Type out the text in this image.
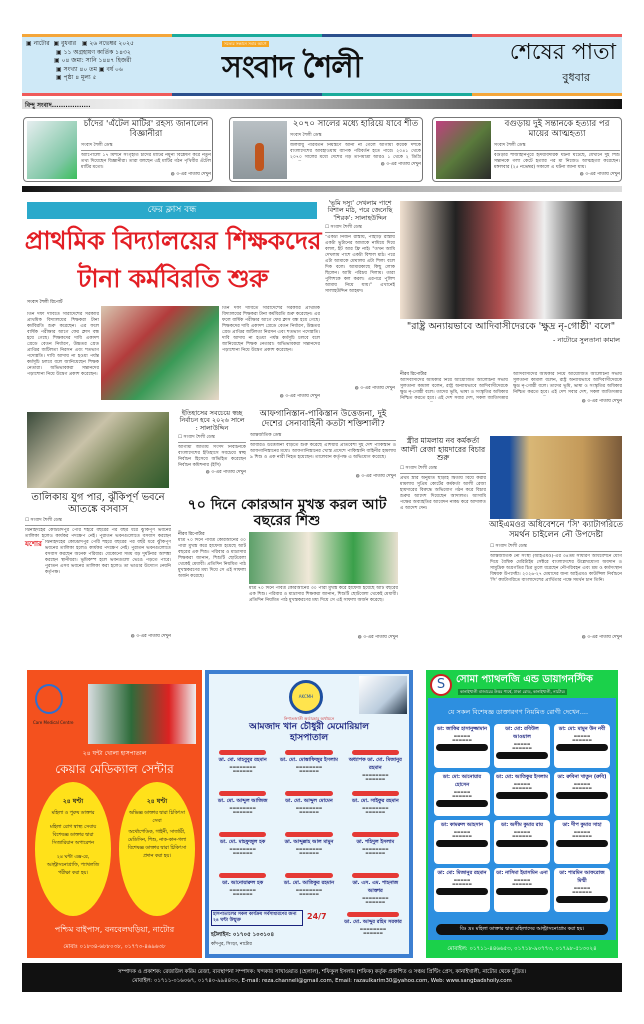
▣ নাটোর  ▣ বুধবার   ▣ ২৬ নভেম্বর ২০২৫
▣ ১১ অগ্রহায়ণ কার্তিক ১৪৩২
▣ ০৪ জমা: সানি ১৪৪৭ হিজরী
▣ সংখ্যা ৪০ তম ▣ বর্ষ ০৬
▣ পৃষ্ঠা ৪ মূল্য ৫
সত্যের সন্ধানে সবার আগে
সংবাদ শৈলী	শেষের পাতা
বুধবার
বিন্দু সংবাদ.................
চাঁদের 'এঁটেল মাটির' রহস্য জানালেন বিজ্ঞানীরা
সংবাদ শৈলী ডেস্ক
অ্যাপোলো ১৭ মিশনে সংগৃহীত চাঁদের মাটির নমুনা বিশ্লেষণ করে নতুন তথ্য দিয়েছেন বিজ্ঞানীরা। তারা বলছেন এই মাটির গঠন পৃথিবীর এঁটেল মাটির মতো।
◍ ৩-এর পাতায় দেখুন
২০৭০ সালের মধ্যে হারিয়ে যাবে শীত
সংবাদ শৈলী ডেস্ক
জলবায়ু পরিবর্তন নিয়ন্ত্রণে আনা না গেলে আগামী কয়েক দশকে বাংলাদেশের আবহাওয়ায় ব্যাপক পরিবর্তন হতে পারে। ২০৪১ থেকে ২০৭০ সালের মধ্যে দেশের গড় তাপমাত্রা আরও ১ থেকে ২ ডিগ্রি
◍ ৩-এর পাতায় দেখুন
বগুড়ায় দুই সন্তানকে হত্যার পর মায়ের আত্মহত্যা
সংবাদ শৈলী ডেস্ক
বগুড়ার শাজাহানপুরে হৃদয়বিদারক ঘটনা ঘটেছে, যেখানে দুই শিশু সন্তানকে গলা কেটে হত্যার পর মা নিজেও আত্মহত্যা করেছেন। মঙ্গলবার (২৫ নভেম্বর) সকালে এ ঘটনা জানা যায়।
◍ ৩-এর পাতায় দেখুন
ফের ক্লাস বন্ধ
প্রাথমিক বিদ্যালয়ের শিক্ষকদের টানা কর্মবিরতি শুরু
সংবাদ শৈলী রিপোর্ট
তিন দফা দাবিতে সারাদেশের সরকারি প্রাথমিক বিদ্যালয়ের শিক্ষকরা টানা কর্মবিরতি শুরু করেছেন। এর ফলে বার্ষিক পরীক্ষার আগে ফের ক্লাস বন্ধ হয়ে গেছে। শিক্ষকদের দাবি একাদশ গ্রেডে বেতন নির্ধারণ, উচ্চতর গ্রেড প্রাপ্তির জটিলতা নিরসন এবং শতভাগ পদোন্নতি। দাবি আদায় না হওয়া পর্যন্ত কর্মসূচি চলবে বলে জানিয়েছেন শিক্ষক নেতারা। অভিভাবকরা সন্তানদের পড়াশোনা নিয়ে উদ্বেগ প্রকাশ করেছেন।
তিন দফা দাবিতে সারাদেশের সরকারি প্রাথমিক বিদ্যালয়ের শিক্ষকরা টানা কর্মবিরতি শুরু করেছেন। এর ফলে বার্ষিক পরীক্ষার আগে ফের ক্লাস বন্ধ হয়ে গেছে। শিক্ষকদের দাবি একাদশ গ্রেডে বেতন নির্ধারণ, উচ্চতর গ্রেড প্রাপ্তির জটিলতা নিরসন এবং শতভাগ পদোন্নতি। দাবি আদায় না হওয়া পর্যন্ত কর্মসূচি চলবে বলে জানিয়েছেন শিক্ষক নেতারা। অভিভাবকরা সন্তানদের পড়াশোনা নিয়ে উদ্বেগ প্রকাশ করেছেন।
◍ ৩-এর পাতায় দেখুন
'ভূমি দস্যু' দেখলাম পাশে বিশাল মাঠ, পরে জেনেছি 'শিরক': সালাহউদ্দিন
☐ সংবাদ শৈলী ডেস্ক
"একটা নির্জন রাস্তায়, পাহাড়ি রাস্তায় একটা ভুটানের আমাকে নামিয়ে দিয়ে বলল, ইট আর ফ্রি নাই। "তখন আমি দেখলাম পাশে একটা বিশাল মাঠ। পরে এটা আমাকে মেঘালয় এটা শিলং বলে দিক বলে। আমারকাছে কিছু লোক ছিলেন। আমি পরিচয় দিলাম। তারা পুলিশকে কল করল। এরপরে পুলিশ আমায় নিয়ে যায়।" এখানেই সালাহউদ্দিন আহমদ।
◍ ৩-এর পাতায় দেখুন
"রাষ্ট্র অন্যায়ভাবে আদিবাসীদেরকে 'ক্ষুদ্র নৃ-গোষ্ঠী' বলে"
- নাটোরে সুলতানা কামাল
নীরব রিপোর্টার
আদিবাসীদের অধিকার নিয়ে আয়োজিত আলোচনা সভায় সুলতানা কামাল বলেন, রাষ্ট্র অন্যায়ভাবে আদিবাসীদেরকে ক্ষুদ্র নৃ-গোষ্ঠী বলে। তাদের ভূমি, ভাষা ও সংস্কৃতির অধিকার নিশ্চিত করতে হবে। এই দেশ সবার দেশ, সকল জাতিসত্তার
আদিবাসীদের অধিকার নিয়ে আয়োজিত আলোচনা সভায় সুলতানা কামাল বলেন, রাষ্ট্র অন্যায়ভাবে আদিবাসীদেরকে ক্ষুদ্র নৃ-গোষ্ঠী বলে। তাদের ভূমি, ভাষা ও সংস্কৃতির অধিকার নিশ্চিত করতে হবে। এই দেশ সবার দেশ, সকল জাতিসত্তার
◍ ৩-এর পাতায় দেখুন
তালিকায় যুগ পার, ঝুঁকিপূর্ণ ভবনে আতঙ্কে বসবাস
☐ সংবাদ শৈলী ডেস্ক
ঝিনাইদহের কোটচাঁদপুর পৌর শহরে বছরের পর বছর ধরে ঝুঁকিপূর্ণ ভবনের তালিকা হলেও কার্যকর পদক্ষেপ নেই। পুরাতন ভবনগুলোতে বসবাস করছেন
যশোর ঝিনাইদহের কোটচাঁদপুর পৌর শহরে বছরের পর বছর ধরে ঝুঁকিপূর্ণ ভবনের তালিকা হলেও কার্যকর পদক্ষেপ নেই। পুরাতন ভবনগুলোতে বসবাস করছেন অনেক পরিবার। যেকোনো সময় বড় দুর্ঘটনার আশঙ্কা করছেন স্থানীয়রা। ভূমিকম্প হলে ভবনগুলো ভেঙে পড়তে পারে। পুরাতন এসব ভবনের তালিকা করা হলেও তা ভাঙার উদ্যোগ নেয়নি কর্তৃপক্ষ।
◍ ৩-এর পাতায় দেখুন
ইতিহাসের সবচেয়ে স্বচ্ছ নির্বাচন হবে ২০২৬ সালে : সালাউদ্দিন
☐ সংবাদ শৈলী ডেস্ক
আগামী জাতীয় সংসদ নির্বাচনকে বাংলাদেশের ইতিহাসে সবচেয়ে স্বচ্ছ নির্বাচন হিসেবে অভিহিত করেছেন নির্বাচন কমিশনার (ইসি)
◍ ৩-এর পাতায় দেখুন
আফগানিস্তান-পাকিস্তান উত্তেজনা, দুই দেশের সেনাবাহিনী কতটা শক্তিশালী?
আন্তর্জাতিক ডেস্ক
আবারও উত্তেজনা বাড়তে শুরু করেছে এশিয়ার প্রতিবেশী দুই দেশ পাকিস্তান ও আফগানিস্তানের মধ্যে। আফগানিস্তানের খোস্ত প্রদেশে পাকিস্তানি বাহিনীর হামলায় ৯ শিশু ও এক নারী নিহত হয়েছেন। তালেবান কর্তৃপক্ষ এ অভিযোগ করেছে।
◍ ৩-এর পাতায় দেখুন
স্ত্রীর মামলায় নব কর্মকর্তা আলী রেজা হায়দারের বিচার শুরু
☐ সংবাদ শৈলী ডেস্ক
প্রথম স্ত্রীর অনুমতি ছাড়াই দ্বিতীয় বিয়ে করার মামলায় সুপ্রিম কোর্টের কর্মকর্তা আলী রেজা হায়দারের বিরুদ্ধে অভিযোগ গঠন করে বিচার শুরুর আদেশ দিয়েছেন আদালত। আসামি পক্ষের অব্যাহতির আবেদন নাকচ করে আদালত এ আদেশ দেন।
আইএমওর অধিবেশনে 'সি' ক্যাটাগরিতে সমর্থন চাইলেন নৌ উপদেষ্টা
☐ সংবাদ শৈলী ডেস্ক
আন্তর্জাতিক নৌ সংস্থা (আইএমও)-এর ৩৪তম সাধারণ অধিবেশনে যোগ দিয়ে বৈশ্বিক মেরিটাইম সেক্টরে বাংলাদেশের উল্লেখযোগ্য অবদান ও সামুদ্রিক অগ্রগতির চিত্র তুলে ধরেছেন নৌপরিবহন এবং শ্রম ও কর্মসংস্থান বিষয়ক উপদেষ্টা। ২০২৬-২৭ মেয়াদের জন্য আইএমও কাউন্সিল নির্বাচনে 'সি' ক্যাটাগরিতে বাংলাদেশের প্রার্থিতার পক্ষে সমর্থন চান তিনি।
◍ ৩-এর পাতায় দেখুন
৭০ দিনে কোরআন মুখস্ত করল আট বছরের শিশু
নীরব রিপোর্টার
মাত্র ৭০ দিনে পবিত্র কোরআনের ৩০ পারা মুখস্ত করে হাফেজ হয়েছে আট বছরের এক শিশু। পরিবার ও মাদ্রাসার শিক্ষকরা জানান, শিশুটি ছোটবেলা থেকেই মেধাবী। প্রতিদিন নিয়মিত পাঠ মুখস্তকরণের মধ্য দিয়ে সে এই সাফল্য অর্জন করেছে।
মাত্র ৭০ দিনে পবিত্র কোরআনের ৩০ পারা মুখস্ত করে হাফেজ হয়েছে আট বছরের এক শিশু। পরিবার ও মাদ্রাসার শিক্ষকরা জানান, শিশুটি ছোটবেলা থেকেই মেধাবী। প্রতিদিন নিয়মিত পাঠ মুখস্তকরণের মধ্য দিয়ে সে এই সাফল্য অর্জন করেছে।
◍ ৩-এর পাতায় দেখুন
Care Medical Centre
২৪ ঘন্টা খোলা হাসপাতাল
কেয়ার মেডিক্যাল সেন্টার
২৪ ঘণ্টা
মহিলা ও পুরুষ ডাক্তার
মহিলা রোগ স্বাস্থ্য সেবায় বিশেষজ্ঞ ডাক্তার দ্বারা সিজারিয়ান অপারেশন
২৪ ঘন্টা এক্স-রে, আল্ট্রাসনোগ্রাফি, প্যাথলজি পরীক্ষা করা হয়।
২৪ ঘণ্টা
অভিজ্ঞ ডাক্তার দ্বারা চিকিৎসা সেবা
অর্থোপেডিক, গাইনী, সার্জারী, মেডিসিন, শিশু, নাক-কান-গলা বিশেষজ্ঞ ডাক্তার দ্বারা চিকিৎসা প্রদান করা হয়।
পশ্চিম বাইপাস, বনবেলঘড়িয়া, নাটোর
মোবাঃ ০১৮৩৪-৬৮৮০৩৮, ০১৭৭৩-৪৬৯৬৩৮
AKCMH
নিশাতজাতী অর্ডারহার অর্থায়নে
আমজাদ খান চৌধুরী মেমোরিয়াল হাসপাতাল
ডা. মো. মাহবুবুর রহমান
▬▬▬▬▬▬▬▬
▬▬▬▬▬▬
ডা. মো. মোস্তাফিজুর ইসলাম
▬▬▬▬▬▬▬▬
▬▬▬▬▬▬
অধ্যাপক ডা. মো. মিজানুর রহমান
▬▬▬▬▬▬▬▬
▬▬▬▬▬▬
ডা. মো. আব্দুল আজিজ
▬▬▬▬▬▬▬▬
▬▬▬▬▬▬
ডা. মো. আব্দুল মোমেন
▬▬▬▬▬▬▬▬
▬▬▬▬▬▬
ডা. মো. সাইফুর রহমান
▬▬▬▬▬▬▬▬
▬▬▬▬▬▬
ডা. মো. মাহফুজুল হক
▬▬▬▬▬▬▬▬
▬▬▬▬▬▬
ডা. আব্দুল্লাহ আল মামুন
▬▬▬▬▬▬▬▬
▬▬▬▬▬▬
ডা. শহিদুল ইসলাম
▬▬▬▬▬▬▬▬
▬▬▬▬▬▬
ডা. আনোয়ারুল হক
▬▬▬▬▬▬▬▬
▬▬▬▬▬▬
ডা. মো. আতিকুর রহমান
▬▬▬▬▬▬▬▬
▬▬▬▬▬▬
ডা. এস. এম. শাহনাজ আক্তার
▬▬▬▬▬▬▬▬
▬▬▬▬▬▬
হাসপাতালের সকল কার্যক্রম সর্বসাধারণের জন্য ২৪ ঘন্টা উন্মুক্ত	24/7
ডা. মো. আব্দুর রহিম সরকার
▬▬▬▬▬▬▬▬
▬▬▬▬▬▬
হটলাইন: ০১৭০৫ ১০৩১০৪
কাঁদপুর, সিংড়া, নাটোর
S	সোমা প্যাথলজি এন্ড ডায়াগনস্টিক
কানাইখালী বাজারের উত্তর পার্শ্বে, ঢাকা রোড, কানাইখালী, নাটোর।
যে সকল বিশেষজ্ঞ ডাক্তারগণ নিয়মিত রোগী দেখেন....
ডা: জাকির হাসানুজ্জামান
▬▬▬▬▬
▬▬▬▬▬▬

ডা: মো: রবিউল আওয়াল
▬▬▬▬▬
▬▬▬▬▬▬

ডা: মো: মামুন উন নবী
▬▬▬▬▬
▬▬▬▬▬▬

ডা: মো: আনোয়ার হোসেন
▬▬▬▬▬
▬▬▬▬▬▬

ডা: মো: আতিকুর ইসলাম
▬▬▬▬▬
▬▬▬▬▬▬

ডা: রুবিনা খাতুন (রুবি)
▬▬▬▬▬
▬▬▬▬▬▬

ডা: কামরুল আহসান
▬▬▬▬▬
▬▬▬▬▬▬

ডা: অসীম কুমার রায়
▬▬▬▬▬
▬▬▬▬▬▬

ডা: দীপ কুমার সাহা
▬▬▬▬▬
▬▬▬▬▬▬

ডা: মো: মিজানুর রহমান
▬▬▬▬▬
▬▬▬▬▬▬

ডা: নাসিমা ইয়াসমিন এনা
▬▬▬▬▬
▬▬▬▬▬▬

ডা: শারমিন আফরোজ মিম্মী
▬▬▬▬▬
▬▬▬▬▬▬

বিঃ দ্রঃ মহিলা ডাক্তার দ্বারা মহিলাদের আল্ট্রাসনোগ্রাম করা হয়।
মোবাইল: ০১৭১১-৪৪৬৬৫৩, ০১৭১৮-৯০৭৭৩, ০১৭৯৮-৫১৩০২৪
সম্পাদক ও প্রকাশক: রেজাউল করিম রেজা, ব্যবস্থাপনা সম্পাদক: খন্দকার সাখাওয়াত (হেলাল), শফিকুল ইসলাম (শফিক) কর্তৃক প্রকাশিত ও সঞ্চয় প্রিন্টিং প্রেস, কানাইখালী, নাটোর থেকে মুদ্রিত।
মোবাইল: ০১৭১১-০১৬০৬৭, ০১৭৪০-৯৯৪৪৩০, E-mail: reza.channeli@gmail.com, Email: razaulkarim30@yahoo.com, Web: www.sangbadshoily.com
